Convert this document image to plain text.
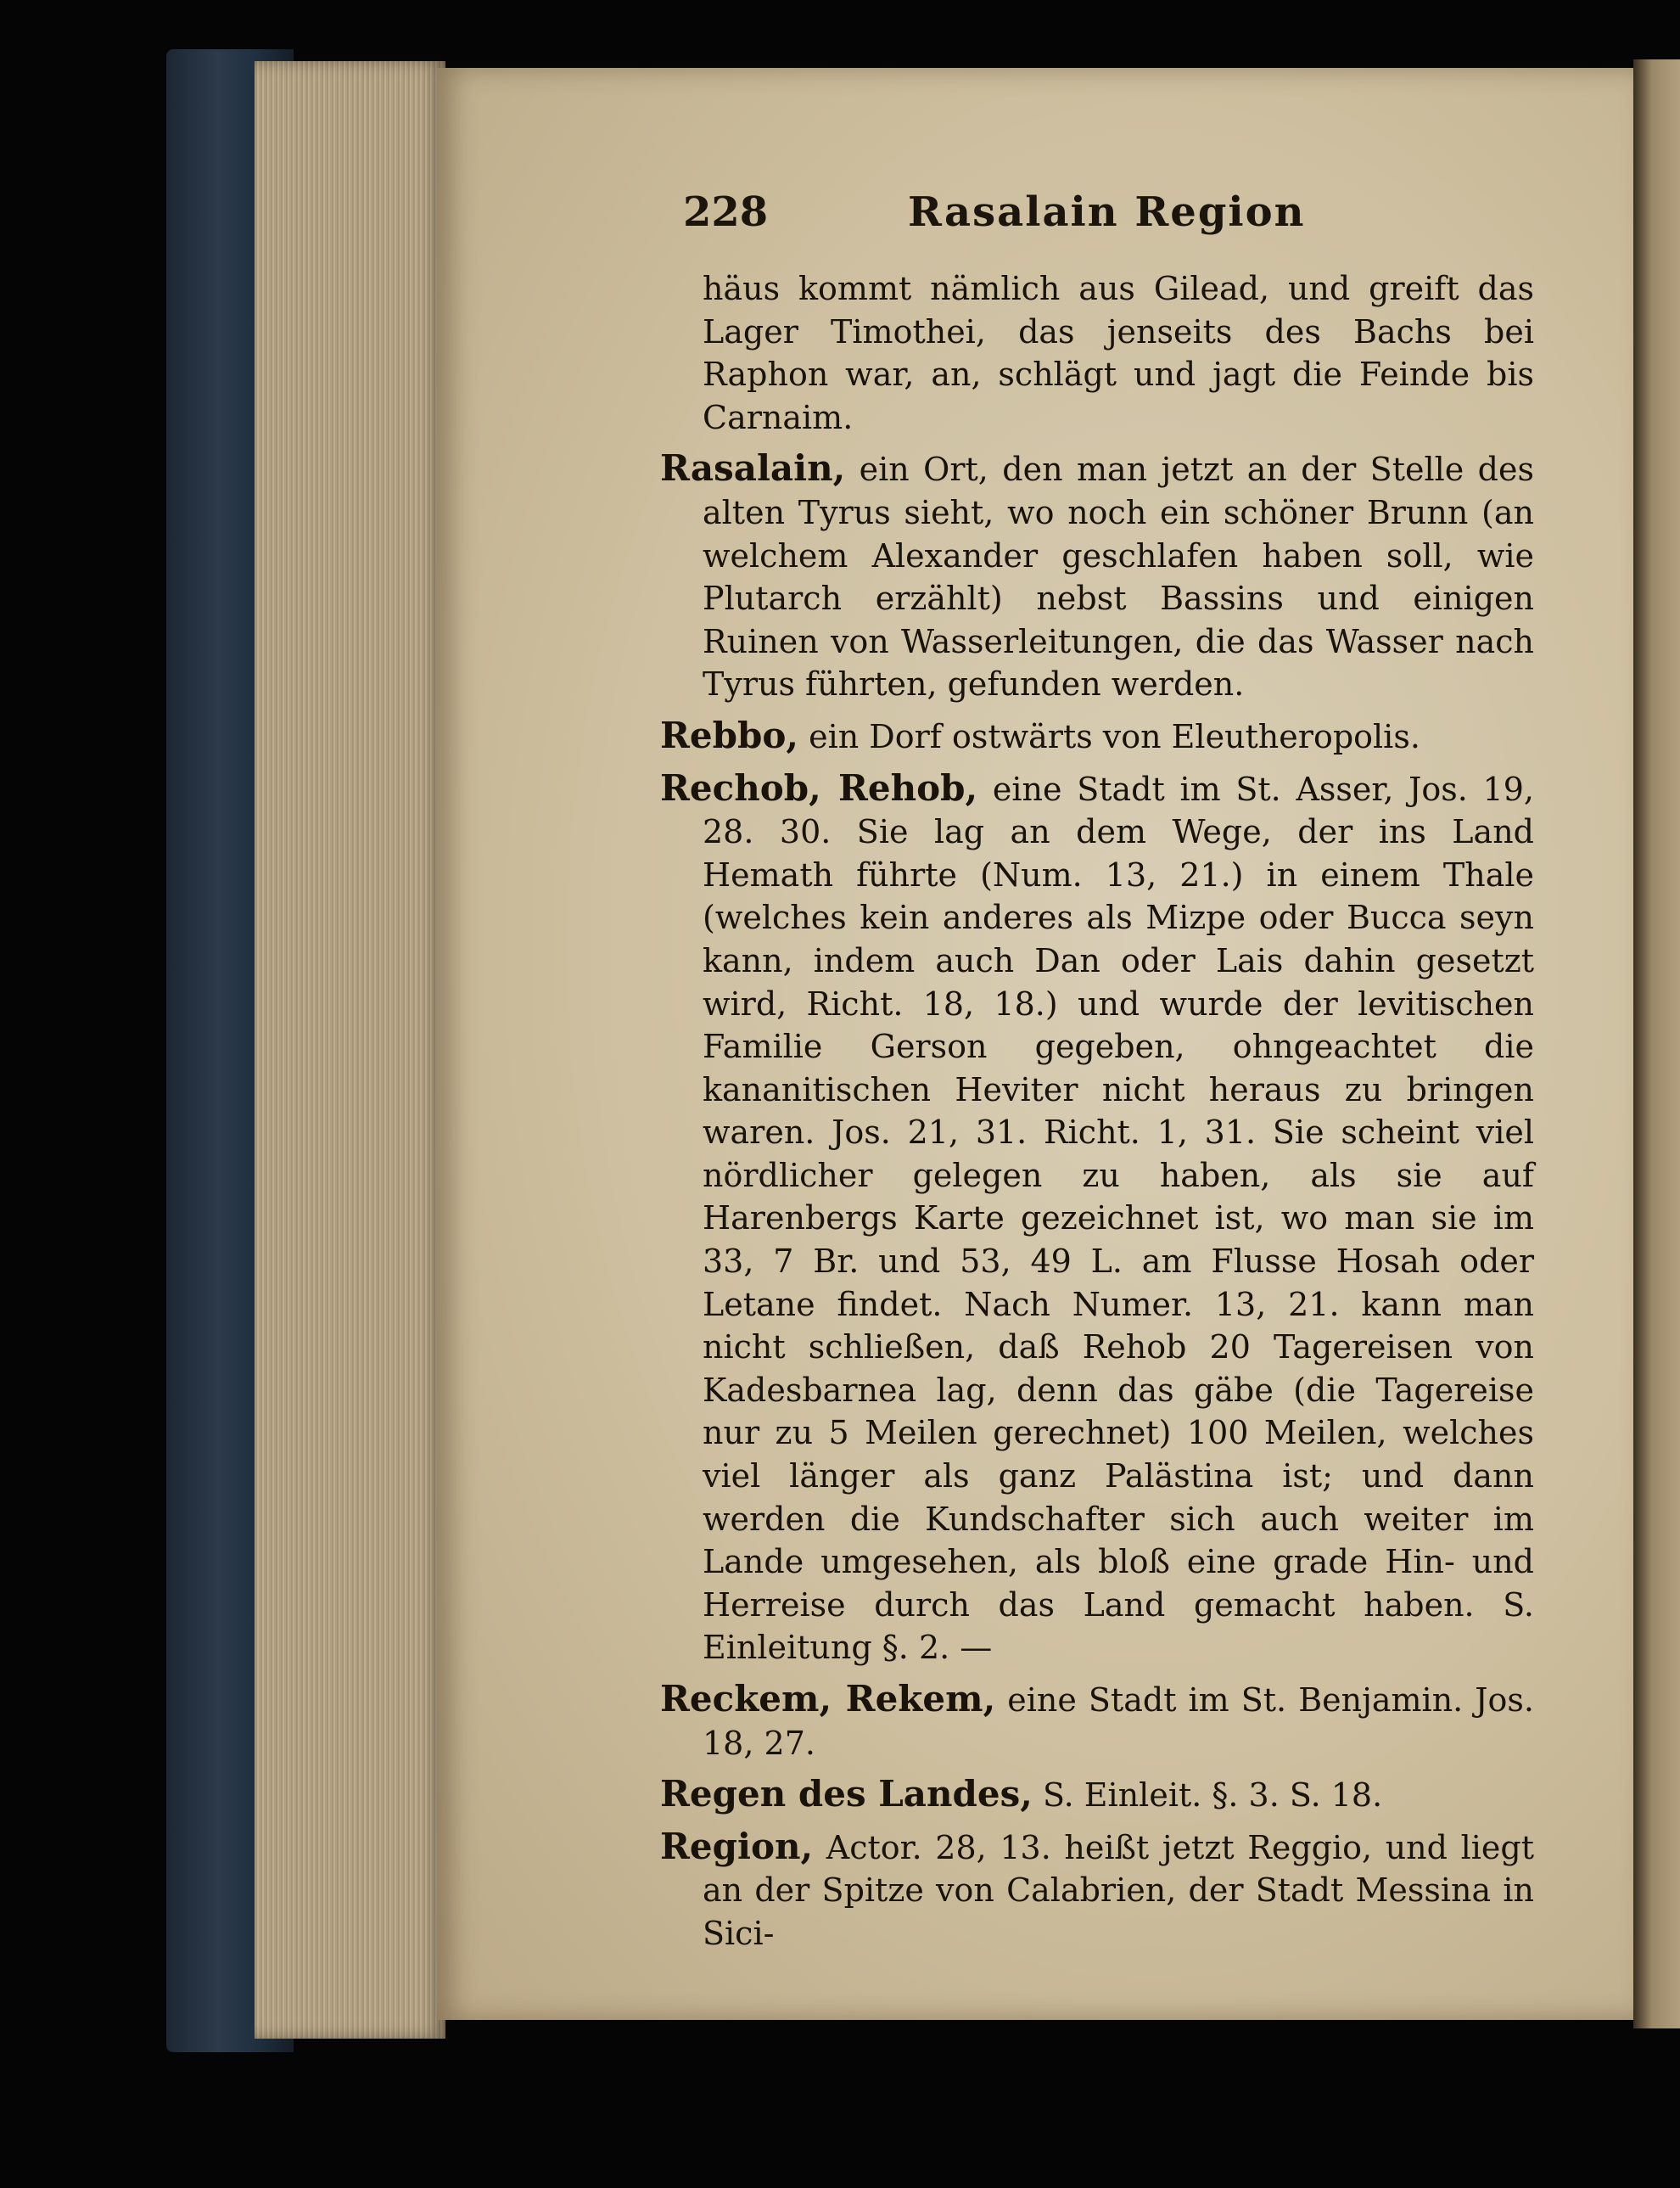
228	Rasalain Region

häus kommt nämlich aus Gilead, und greift das Lager Timothei, das jenseits des Bachs bei Raphon war, an, schlägt und jagt die Feinde bis Carnaim.

Rasalain, ein Ort, den man jetzt an der Stelle des alten Tyrus sieht, wo noch ein schöner Brunn (an welchem Alexander geschlafen haben soll, wie Plutarch erzählt) nebst Bassins und einigen Ruinen von Wasserleitungen, die das Wasser nach Tyrus führten, gefunden werden.

Rebbo, ein Dorf ostwärts von Eleutheropolis.

Rechob, Rehob, eine Stadt im St. Asser, Jos. 19, 28. 30. Sie lag an dem Wege, der ins Land Hemath führte (Num. 13, 21.) in einem Thale (welches kein anderes als Mizpe oder Bucca seyn kann, indem auch Dan oder Lais dahin gesetzt wird, Richt. 18, 18.) und wurde der levitischen Familie Gerson gegeben, ohngeachtet die kananitischen Heviter nicht heraus zu bringen waren. Jos. 21, 31. Richt. 1, 31. Sie scheint viel nördlicher gelegen zu haben, als sie auf Harenbergs Karte gezeichnet ist, wo man sie im 33, 7 Br. und 53, 49 L. am Flusse Hosah oder Letane findet. Nach Numer. 13, 21. kann man nicht schließen, daß Rehob 20 Tagereisen von Kadesbarnea lag, denn das gäbe (die Tagereise nur zu 5 Meilen gerechnet) 100 Meilen, welches viel länger als ganz Palästina ist; und dann werden die Kundschafter sich auch weiter im Lande umgesehen, als bloß eine grade Hin- und Herreise durch das Land gemacht haben. S. Einleitung §. 2. —

Reckem, Rekem, eine Stadt im St. Benjamin. Jos. 18, 27.

Regen des Landes, S. Einleit. §. 3. S. 18.

Region, Actor. 28, 13. heißt jetzt Reggio, und liegt an der Spitze von Calabrien, der Stadt Messina in Sici-
